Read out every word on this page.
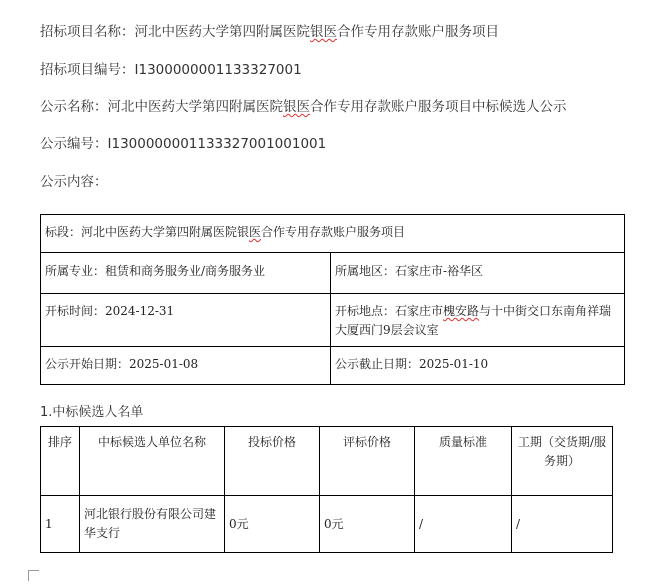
招标项目名称：河北中医药大学第四附属医院银医合作专用存款账户服务项目
招标项目编号：I1300000001133327001
公示名称：河北中医药大学第四附属医院银医合作专用存款账户服务项目中标候选人公示
公示编号：I1300000001133327001001001
公示内容：
标段：河北中医药大学第四附属医院银医合作专用存款账户服务项目	
所属专业：租赁和商务服务业/商务服务业	所属地区：石家庄市-裕华区
开标时间：2024-12-31	开标地点：石家庄市槐安路与十中街交口东南角祥瑞大厦西门9层会议室
公示开始日期：2025-01-08	公示截止日期：2025-01-10
1.中标候选人名单
排序	中标候选人单位名称	投标价格	评标价格	质量标准	工期（交货期/服务期）
1	河北银行股份有限公司建华支行	0元	0元	/	/
